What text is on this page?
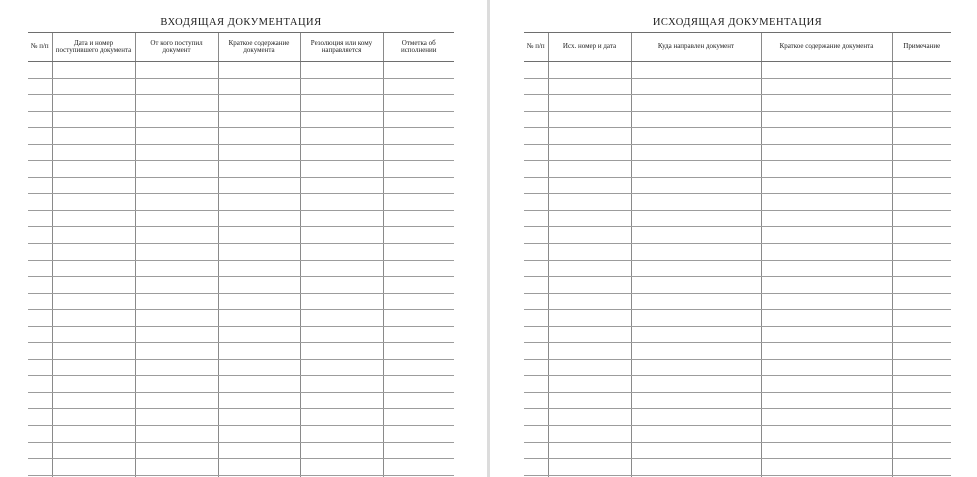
ВХОДЯЩАЯ ДОКУМЕНТАЦИЯ
№ п/п	Дата и номер поступившего документа	От кого поступил документ	Краткое содержание документа	Резолюция или кому направляется	Отметка об исполнении

ИСХОДЯЩАЯ ДОКУМЕНТАЦИЯ
№ п/п	Исх. номер и дата	Куда направлен документ	Краткое содержание документа	Примечание
